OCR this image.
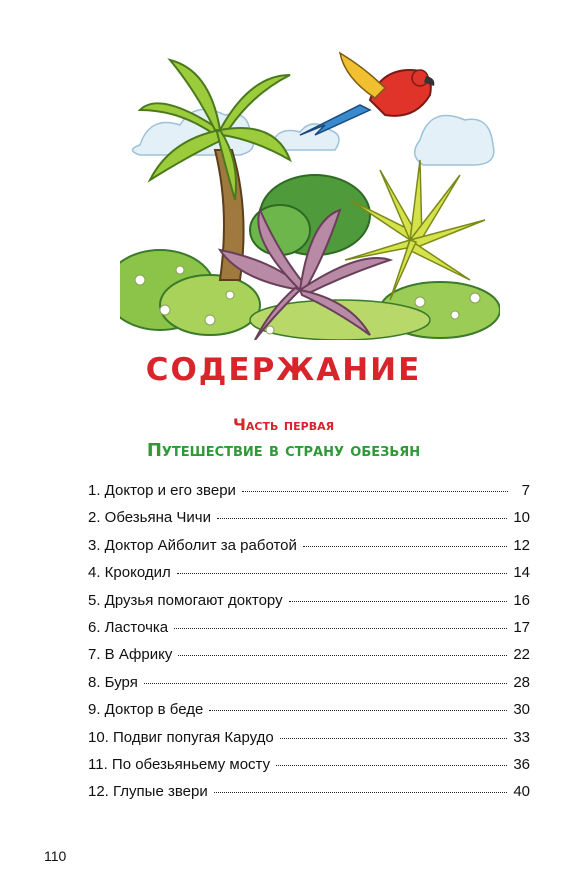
СОДЕРЖАНИЕ
Часть первая
Путешествие в страну обезьян
1. Доктор и его звери	7
2. Обезьяна Чичи	10
3. Доктор Айболит за работой	12
4. Крокодил	14
5. Друзья помогают доктору	16
6. Ласточка	17
7. В Африку	22
8. Буря	28
9. Доктор в беде	30
10. Подвиг попугая Карудо	33
11. По обезьяньему мосту	36
12. Глупые звери	40
110
